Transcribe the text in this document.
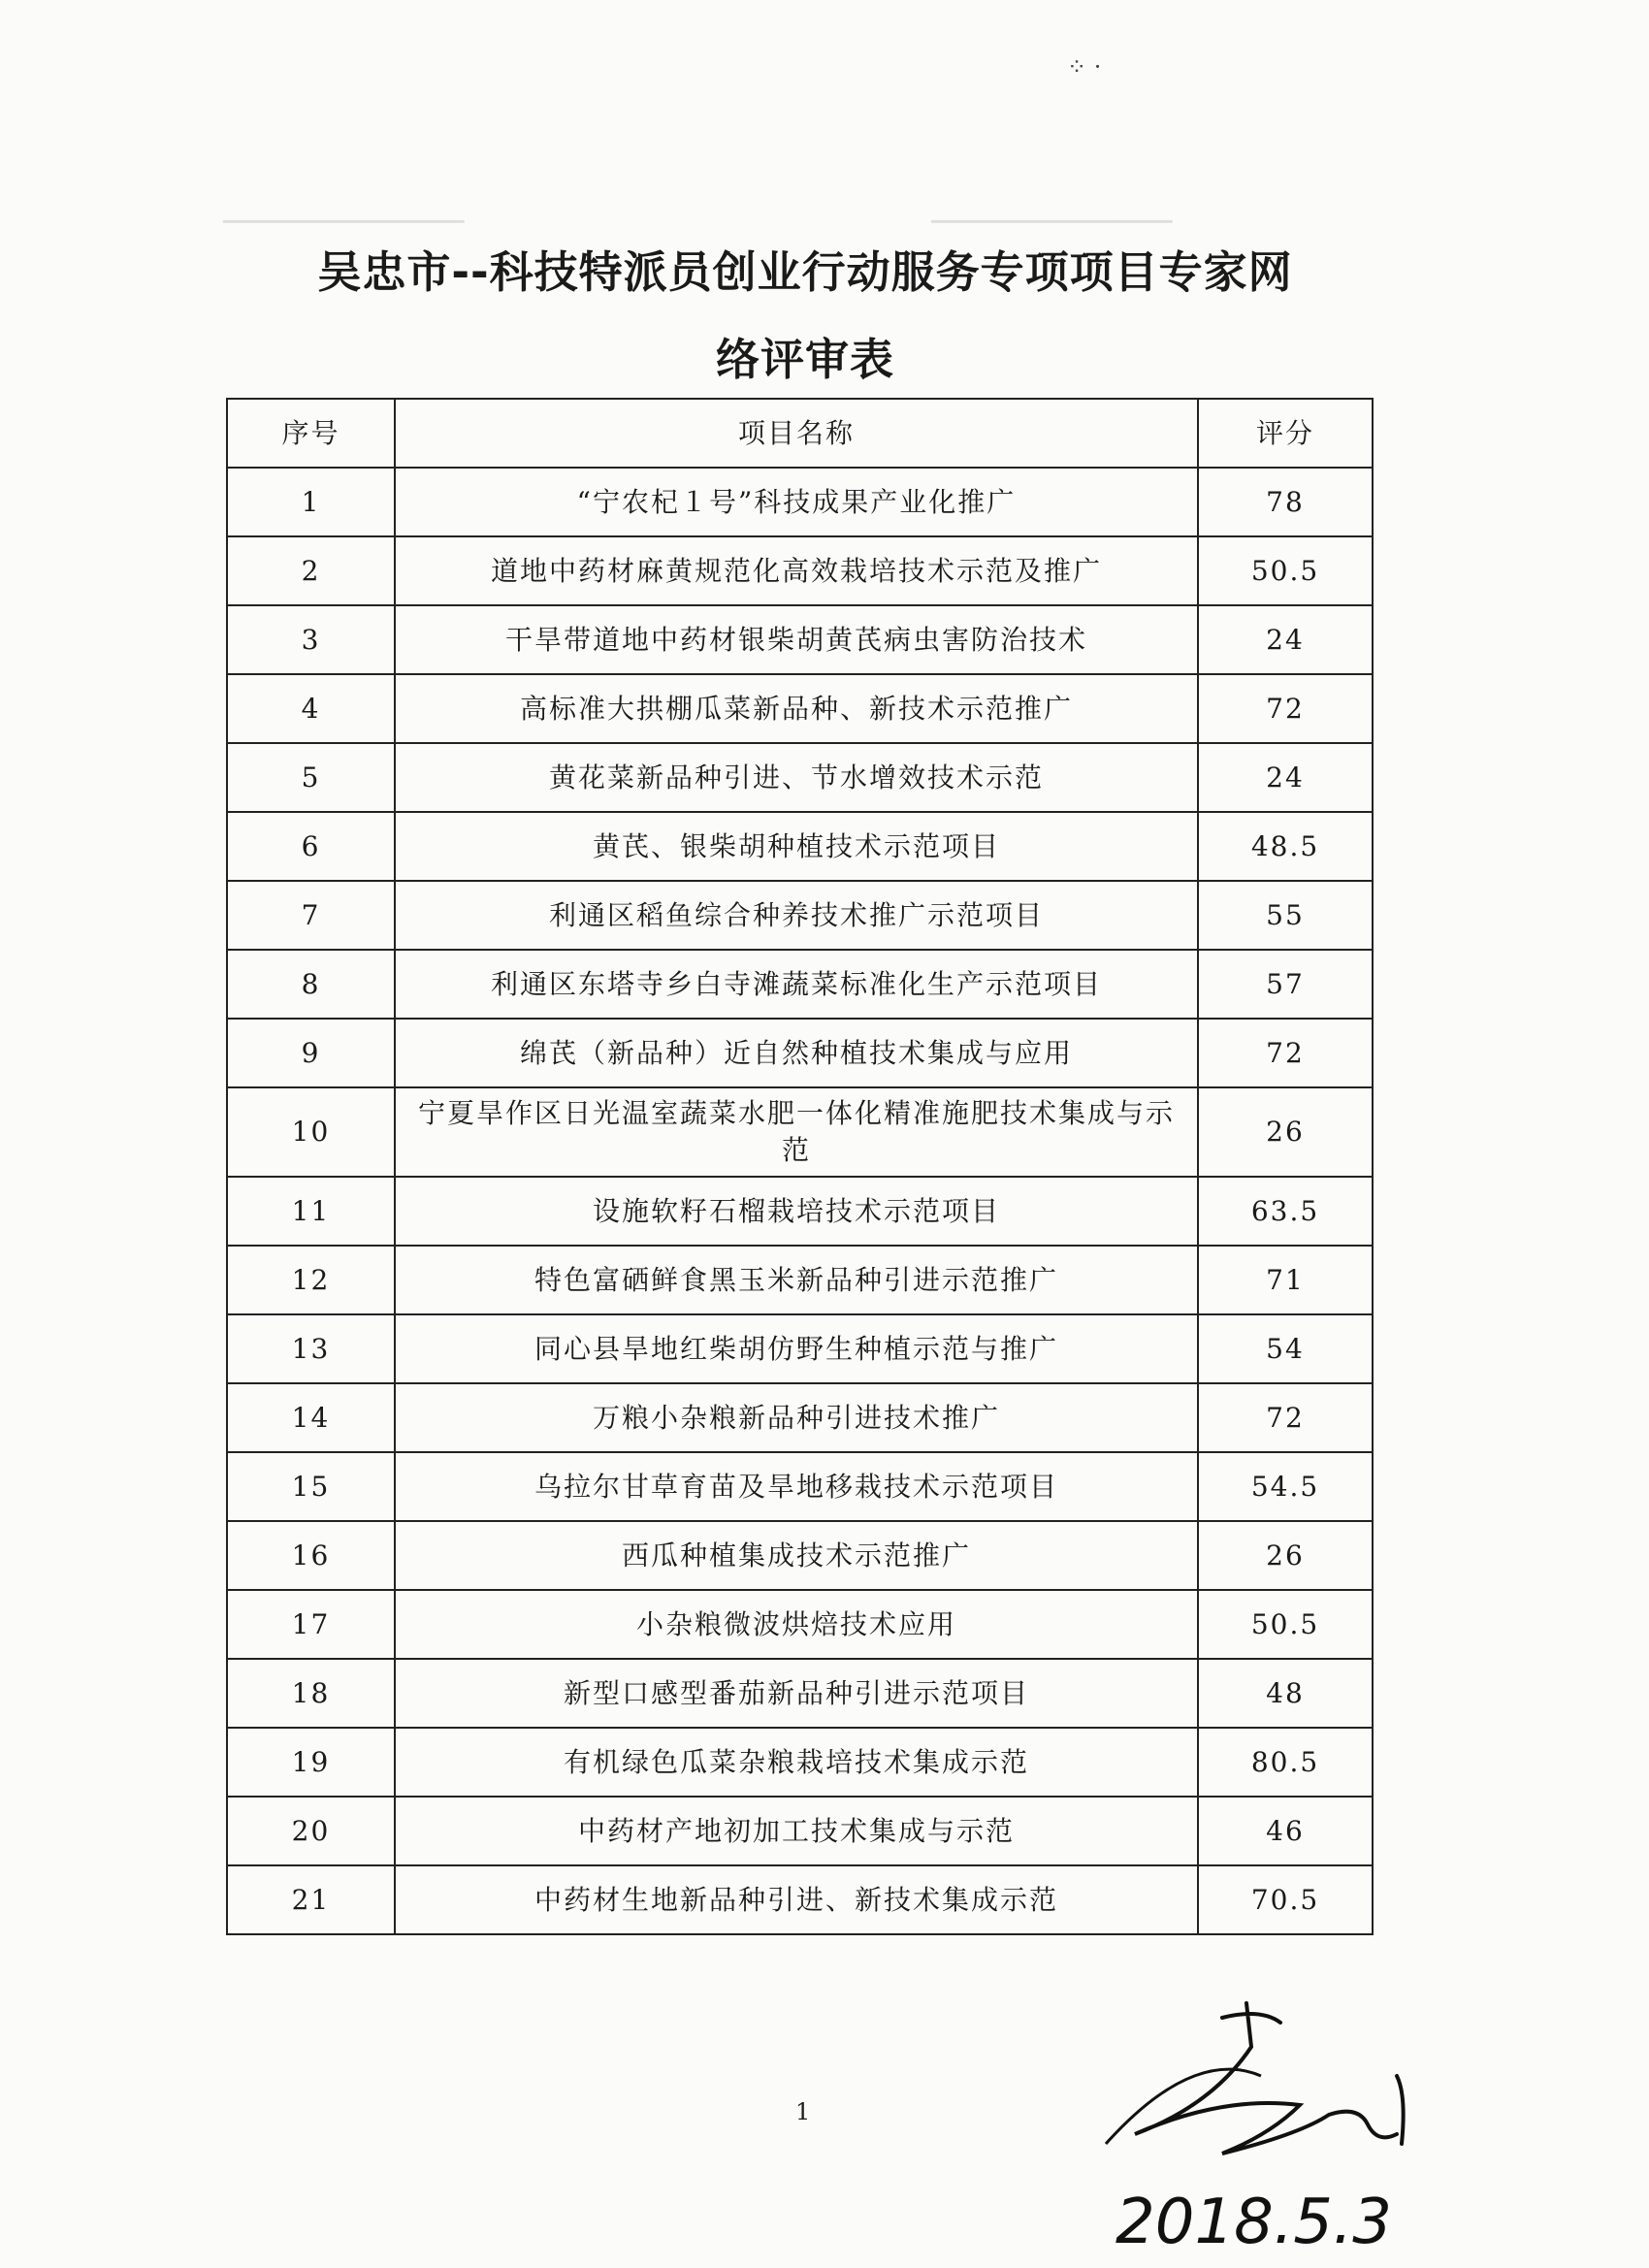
▁▁▁▁▁▁▁▁▁▁▁▁▁▁▁▁▁	▁▁▁▁▁▁▁▁▁▁▁▁▁▁▁▁▁
⁘ ·
吴忠市--科技特派员创业行动服务专项项目专家网
络评审表
序号	项目名称	评分
1	“宁农杞１号”科技成果产业化推广	78
2	道地中药材麻黄规范化高效栽培技术示范及推广	50.5
3	干旱带道地中药材银柴胡黄芪病虫害防治技术	24
4	高标准大拱棚瓜菜新品种、新技术示范推广	72
5	黄花菜新品种引进、节水增效技术示范	24
6	黄芪、银柴胡种植技术示范项目	48.5
7	利通区稻鱼综合种养技术推广示范项目	55
8	利通区东塔寺乡白寺滩蔬菜标准化生产示范项目	57
9	绵芪（新品种）近自然种植技术集成与应用	72
10	宁夏旱作区日光温室蔬菜水肥一体化精准施肥技术集成与示范	26
11	设施软籽石榴栽培技术示范项目	63.5
12	特色富硒鲜食黑玉米新品种引进示范推广	71
13	同心县旱地红柴胡仿野生种植示范与推广	54
14	万粮小杂粮新品种引进技术推广	72
15	乌拉尔甘草育苗及旱地移栽技术示范项目	54.5
16	西瓜种植集成技术示范推广	26
17	小杂粮微波烘焙技术应用	50.5
18	新型口感型番茄新品种引进示范项目	48
19	有机绿色瓜菜杂粮栽培技术集成示范	80.5
20	中药材产地初加工技术集成与示范	46
21	中药材生地新品种引进、新技术集成示范	70.5
1
2018.5.3
